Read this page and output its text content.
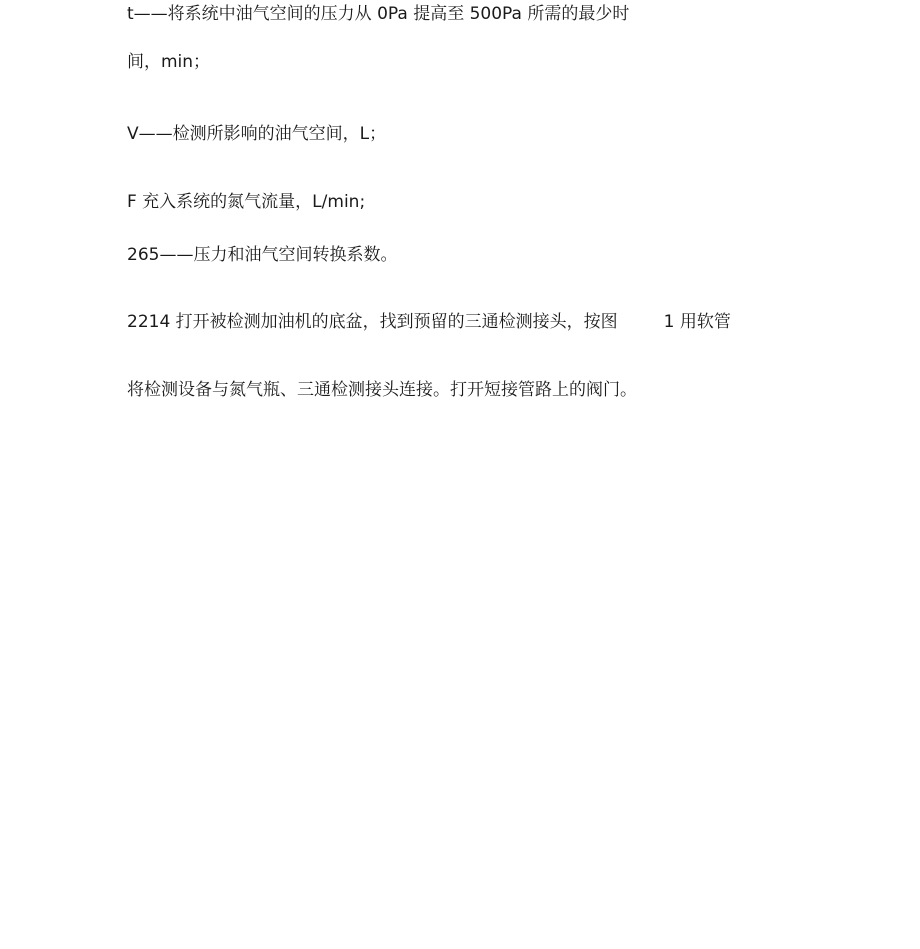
t——将系统中油气空间的压力从 0Pa 提高至 500Pa 所需的最少时
间，min；
V——检测所影响的油气空间，L；
F 充入系统的氮气流量，L/min;
265——压力和油气空间转换系数。
2214 打开被检测加油机的底盆，找到预留的三通检测接头，按图	1 用软管
将检测设备与氮气瓶、三通检测接头连接。打开短接管路上的阀门。
